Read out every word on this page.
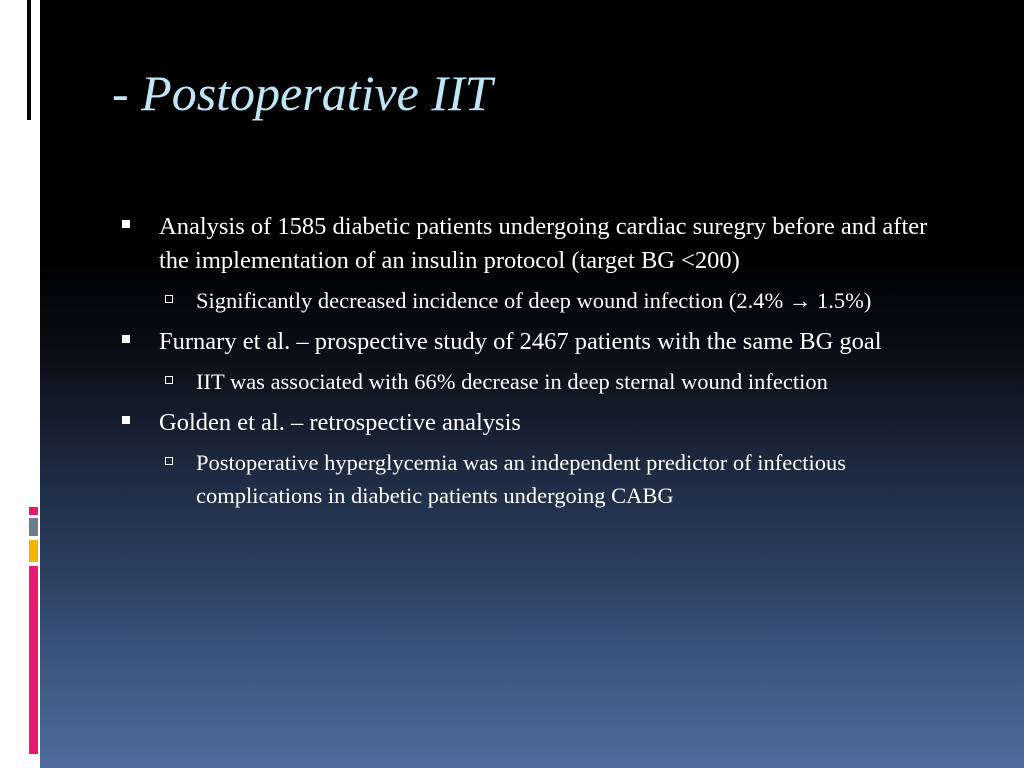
- Postoperative IIT
Analysis of 1585 diabetic patients undergoing cardiac suregry before and after the implementation of an insulin protocol (target BG <200)
Significantly decreased incidence of deep wound infection (2.4% → 1.5%)
Furnary et al. – prospective study of 2467 patients with the same BG goal
IIT was associated with 66% decrease in deep sternal wound infection
Golden et al. – retrospective analysis
Postoperative hyperglycemia was an independent predictor of infectious complications in diabetic patients undergoing CABG
